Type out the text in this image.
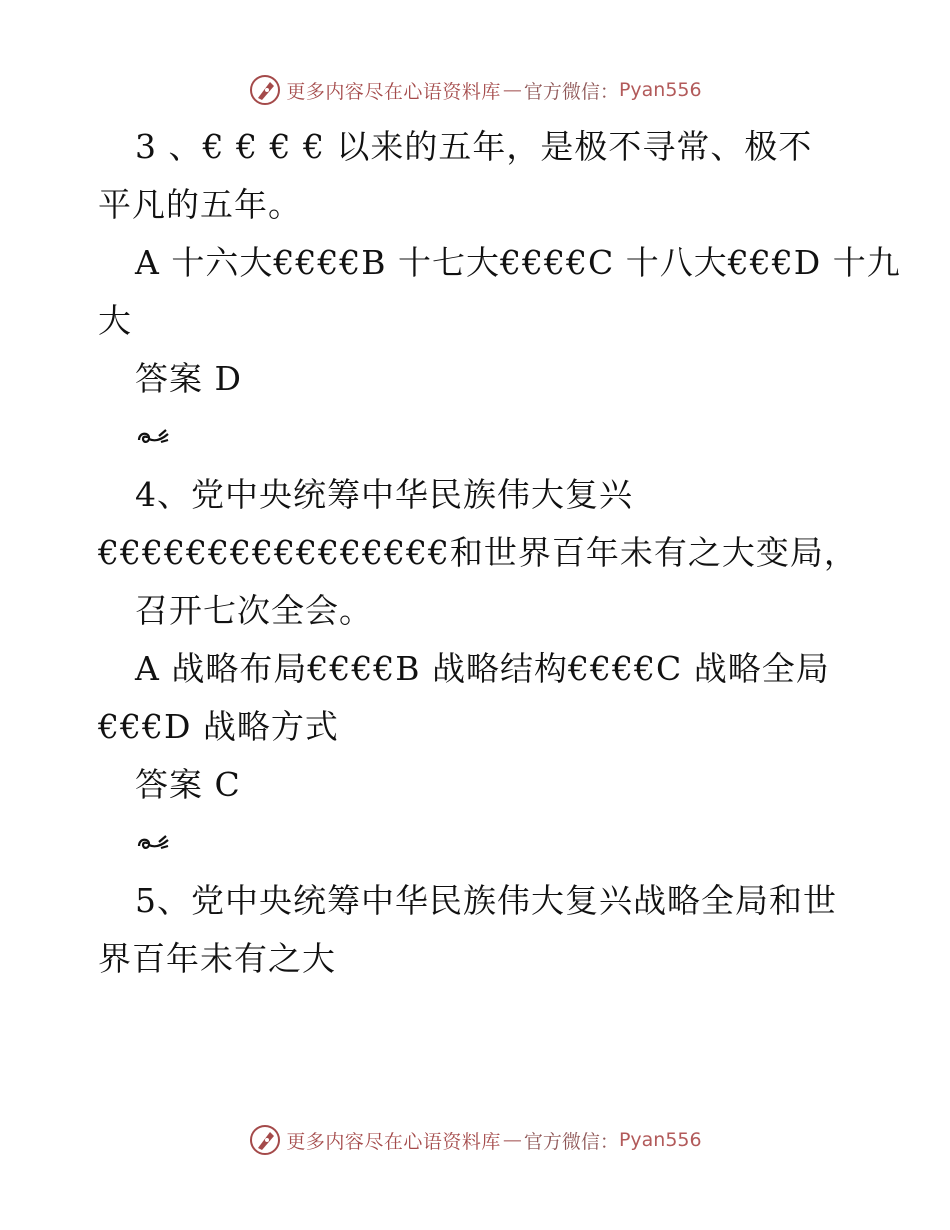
更多内容尽在心语资料库 — 官方微信： Pyan556
3 、€ € € € 以来的五年，是极不寻常、极不
平凡的五年。
A 十六大€€€€B 十七大€€€€C 十八大€€€D 十九
大
答案 D
4、党中央统筹中华民族伟大复兴
€€€€€€€€€€€€€€€€和世界百年未有之大变局，
召开七次全会。
A 战略布局€€€€B 战略结构€€€€C 战略全局
€€€D 战略方式
答案 C
5、党中央统筹中华民族伟大复兴战略全局和世
界百年未有之大
更多内容尽在心语资料库 — 官方微信： Pyan556
